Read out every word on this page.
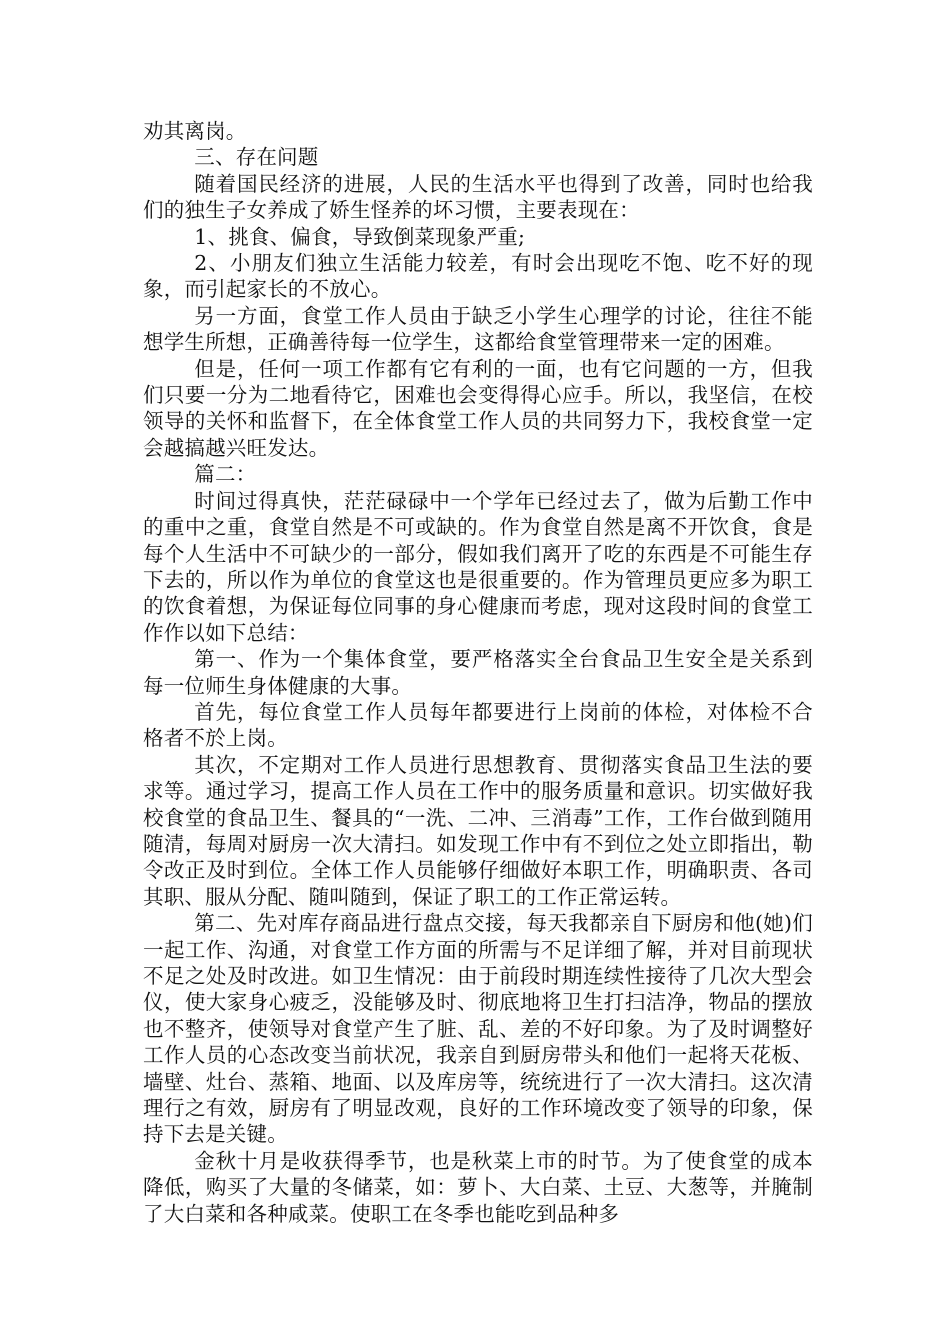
劝其离岗。

三、存在问题

随着国民经济的进展，人民的生活水平也得到了改善，同时也给我们的独生子女养成了娇生怪养的坏习惯，主要表现在：

1、挑食、偏食，导致倒菜现象严重;

2、小朋友们独立生活能力较差，有时会出现吃不饱、吃不好的现象，而引起家长的不放心。

另一方面，食堂工作人员由于缺乏小学生心理学的讨论，往往不能想学生所想，正确善待每一位学生，这都给食堂管理带来一定的困难。

但是，任何一项工作都有它有利的一面，也有它问题的一方，但我们只要一分为二地看待它，困难也会变得得心应手。所以，我坚信，在校领导的关怀和监督下，在全体食堂工作人员的共同努力下，我校食堂一定会越搞越兴旺发达。

篇二：

时间过得真快，茫茫碌碌中一个学年已经过去了，做为后勤工作中的重中之重，食堂自然是不可或缺的。作为食堂自然是离不开饮食，食是每个人生活中不可缺少的一部分，假如我们离开了吃的东西是不可能生存下去的，所以作为单位的食堂这也是很重要的。作为管理员更应多为职工的饮食着想，为保证每位同事的身心健康而考虑，现对这段时间的食堂工作作以如下总结：

第一、作为一个集体食堂，要严格落实全台食品卫生安全是关系到每一位师生身体健康的大事。

首先，每位食堂工作人员每年都要进行上岗前的体检，对体检不合格者不於上岗。

其次，不定期对工作人员进行思想教育、贯彻落实食品卫生法的要求等。通过学习，提高工作人员在工作中的服务质量和意识。切实做好我校食堂的食品卫生、餐具的“一洗、二冲、三消毒”工作，工作台做到随用随清，每周对厨房一次大清扫。如发现工作中有不到位之处立即指出，勒令改正及时到位。全体工作人员能够仔细做好本职工作，明确职责、各司其职、服从分配、随叫随到，保证了职工的工作正常运转。

第二、先对库存商品进行盘点交接，每天我都亲自下厨房和他(她)们一起工作、沟通，对食堂工作方面的所需与不足详细了解，并对目前现状不足之处及时改进。如卫生情况：由于前段时期连续性接待了几次大型会仪，使大家身心疲乏，没能够及时、彻底地将卫生打扫洁净，物品的摆放也不整齐，使领导对食堂产生了脏、乱、差的不好印象。为了及时调整好工作人员的心态改变当前状况，我亲自到厨房带头和他们一起将天花板、墙壁、灶台、蒸箱、地面、以及库房等，统统进行了一次大清扫。这次清理行之有效，厨房有了明显改观，良好的工作环境改变了领导的印象，保持下去是关键。

金秋十月是收获得季节，也是秋菜上市的时节。为了使食堂的成本降低，购买了大量的冬储菜，如：萝卜、大白菜、土豆、大葱等，并腌制了大白菜和各种咸菜。使职工在冬季也能吃到品种多
